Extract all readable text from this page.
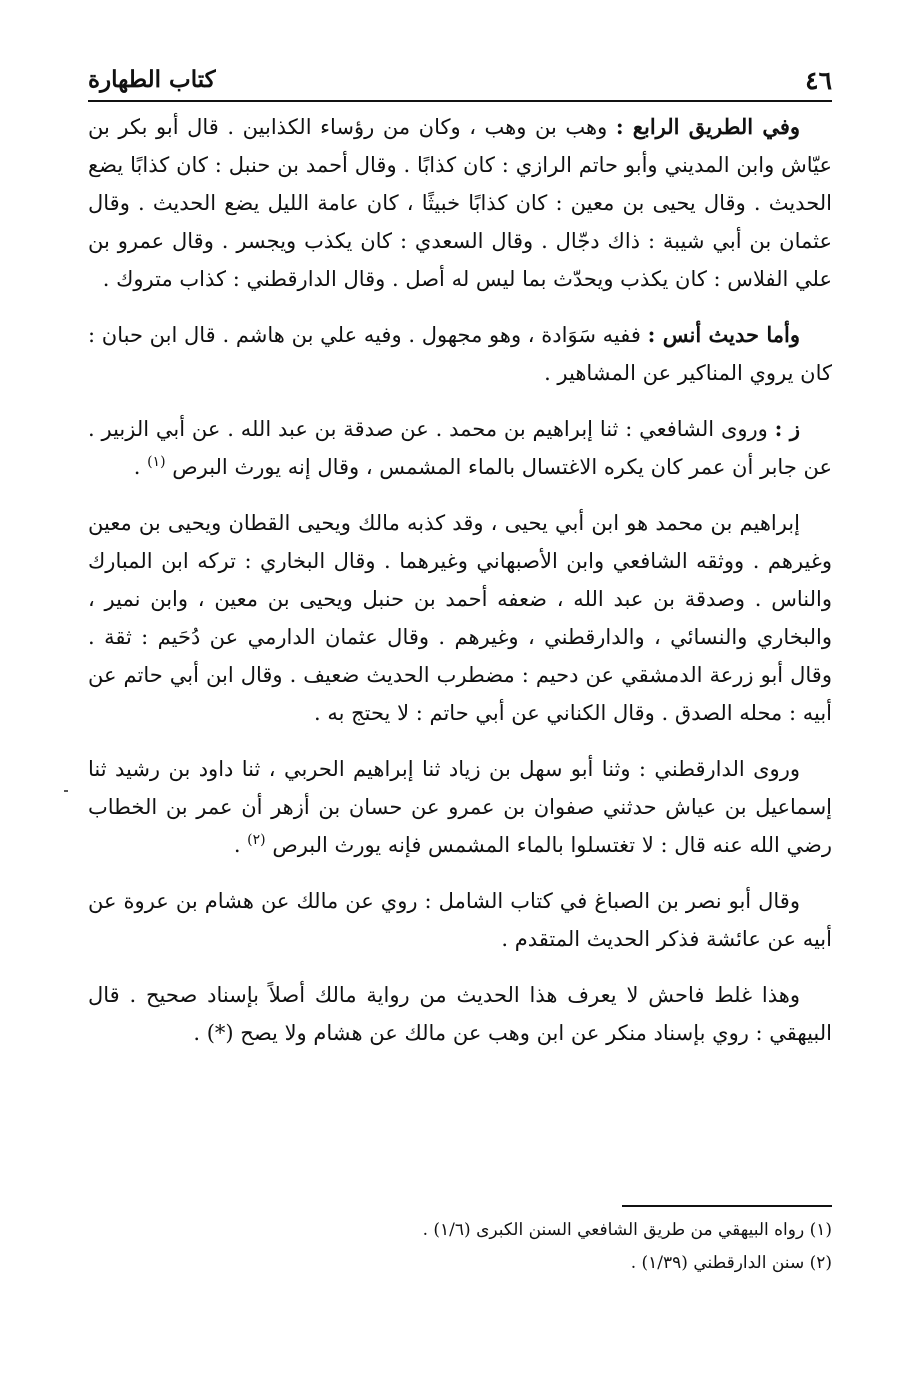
٤٦
كتاب الطهارة

وفي الطريق الرابع : وهب بن وهب ، وكان من رؤساء الكذابين . قال أبو بكر بن عيّاش وابن المديني وأبو حاتم الرازي : كان كذابًا . وقال أحمد بن حنبل : كان كذابًا يضع الحديث . وقال يحيى بن معين : كان كذابًا خبيثًا ، كان عامة الليل يضع الحديث . وقال عثمان بن أبي شيبة : ذاك دجّال . وقال السعدي : كان يكذب ويجسر . وقال عمرو بن علي الفلاس : كان يكذب ويحدّث بما ليس له أصل . وقال الدارقطني : كذاب متروك .

وأما حديث أنس : ففيه سَوَادة ، وهو مجهول . وفيه علي بن هاشم . قال ابن حبان : كان يروي المناكير عن المشاهير .

ز : وروى الشافعي : ثنا إبراهيم بن محمد . عن صدقة بن عبد الله . عن أبي الزبير . عن جابر أن عمر كان يكره الاغتسال بالماء المشمس ، وقال إنه يورث البرص $^{(١)}$ .

إبراهيم بن محمد هو ابن أبي يحيى ، وقد كذبه مالك ويحيى القطان ويحيى بن معين وغيرهم . ووثقه الشافعي وابن الأصبهاني وغيرهما . وقال البخاري : تركه ابن المبارك والناس . وصدقة بن عبد الله ، ضعفه أحمد بن حنبل ويحيى بن معين ، وابن نمير ، والبخاري والنسائي ، والدارقطني ، وغيرهم . وقال عثمان الدارمي عن دُحَيم : ثقة . وقال أبو زرعة الدمشقي عن دحيم : مضطرب الحديث ضعيف . وقال ابن أبي حاتم عن أبيه : محله الصدق . وقال الكناني عن أبي حاتم : لا يحتج به .

وروى الدارقطني : وثنا أبو سهل بن زياد ثنا إبراهيم الحربي ، ثنا داود بن رشيد ثنا إسماعيل بن عياش حدثني صفوان بن عمرو عن حسان بن أزهر أن عمر بن الخطاب رضي الله عنه قال : لا تغتسلوا بالماء المشمس فإنه يورث البرص $^{(٢)}$ .

وقال أبو نصر بن الصباغ في كتاب الشامل : روي عن مالك عن هشام بن عروة عن أبيه عن عائشة فذكر الحديث المتقدم .

وهذا غلط فاحش لا يعرف هذا الحديث من رواية مالك أصلاً بإسناد صحيح . قال البيهقي : روي بإسناد منكر عن ابن وهب عن مالك عن هشام ولا يصح (*) .

(١) رواه البيهقي من طريق الشافعي السنن الكبرى (١/٦) .
(٢) سنن الدارقطني (١/٣٩) .
